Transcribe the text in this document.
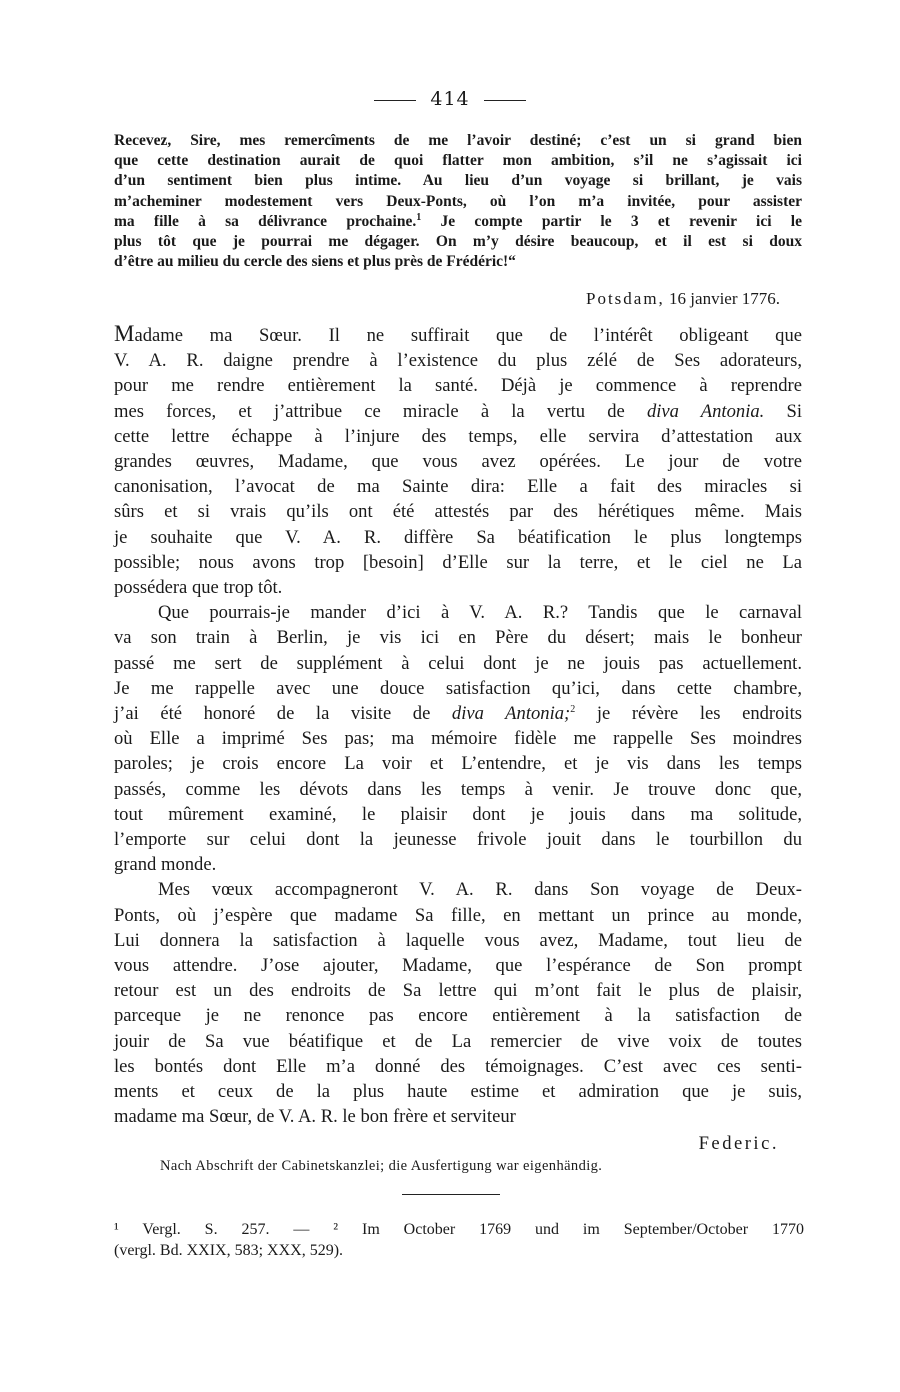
414
Recevez, Sire, mes remercîments de me l’avoir destiné; c’est un si grand bien
que cette destination aurait de quoi flatter mon ambition, s’il ne s’agissait ici
d’un sentiment bien plus intime. Au lieu d’un voyage si brillant, je vais
m’acheminer modestement vers Deux-Ponts, où l’on m’a invitée, pour assister
ma fille à sa délivrance prochaine.$^1$ Je compte partir le 3 et revenir ici le
plus tôt que je pourrai me dégager. On m’y désire beaucoup, et il est si doux
d’être au milieu du cercle des siens et plus près de Frédéric!“
Potsdam, 16 janvier 1776.
Madame ma Sœur. Il ne suffirait que de l’intérêt obligeant que
V. A. R. daigne prendre à l’existence du plus zélé de Ses adorateurs,
pour me rendre entièrement la santé. Déjà je commence à reprendre
mes forces, et j’attribue ce miracle à la vertu de diva Antonia. Si
cette lettre échappe à l’injure des temps, elle servira d’attestation aux
grandes œuvres, Madame, que vous avez opérées. Le jour de votre
canonisation, l’avocat de ma Sainte dira: Elle a fait des miracles si
sûrs et si vrais qu’ils ont été attestés par des hérétiques même. Mais
je souhaite que V. A. R. diffère Sa béatification le plus longtemps
possible; nous avons trop [besoin] d’Elle sur la terre, et le ciel ne La
possédera que trop tôt.
Que pourrais-je mander d’ici à V. A. R.? Tandis que le carnaval
va son train à Berlin, je vis ici en Père du désert; mais le bonheur
passé me sert de supplément à celui dont je ne jouis pas actuellement.
Je me rappelle avec une douce satisfaction qu’ici, dans cette chambre,
j’ai été honoré de la visite de diva Antonia;$^2$ je révère les endroits
où Elle a imprimé Ses pas; ma mémoire fidèle me rappelle Ses moindres
paroles; je crois encore La voir et L’entendre, et je vis dans les temps
passés, comme les dévots dans les temps à venir. Je trouve donc que,
tout mûrement examiné, le plaisir dont je jouis dans ma solitude,
l’emporte sur celui dont la jeunesse frivole jouit dans le tourbillon du
grand monde.
Mes vœux accompagneront V. A. R. dans Son voyage de Deux-
Ponts, où j’espère que madame Sa fille, en mettant un prince au monde,
Lui donnera la satisfaction à laquelle vous avez, Madame, tout lieu de
vous attendre. J’ose ajouter, Madame, que l’espérance de Son prompt
retour est un des endroits de Sa lettre qui m’ont fait le plus de plaisir,
parceque je ne renonce pas encore entièrement à la satisfaction de
jouir de Sa vue béatifique et de La remercier de vive voix de toutes
les bontés dont Elle m’a donné des témoignages. C’est avec ces senti-
ments et ceux de la plus haute estime et admiration que je suis,
madame ma Sœur, de V. A. R. le bon frère et serviteur
Federic.
Nach Abschrift der Cabinetskanzlei; die Ausfertigung war eigenhändig.
¹ Vergl. S. 257. — ² Im October 1769 und im September/October 1770
(vergl. Bd. XXIX, 583; XXX, 529).
